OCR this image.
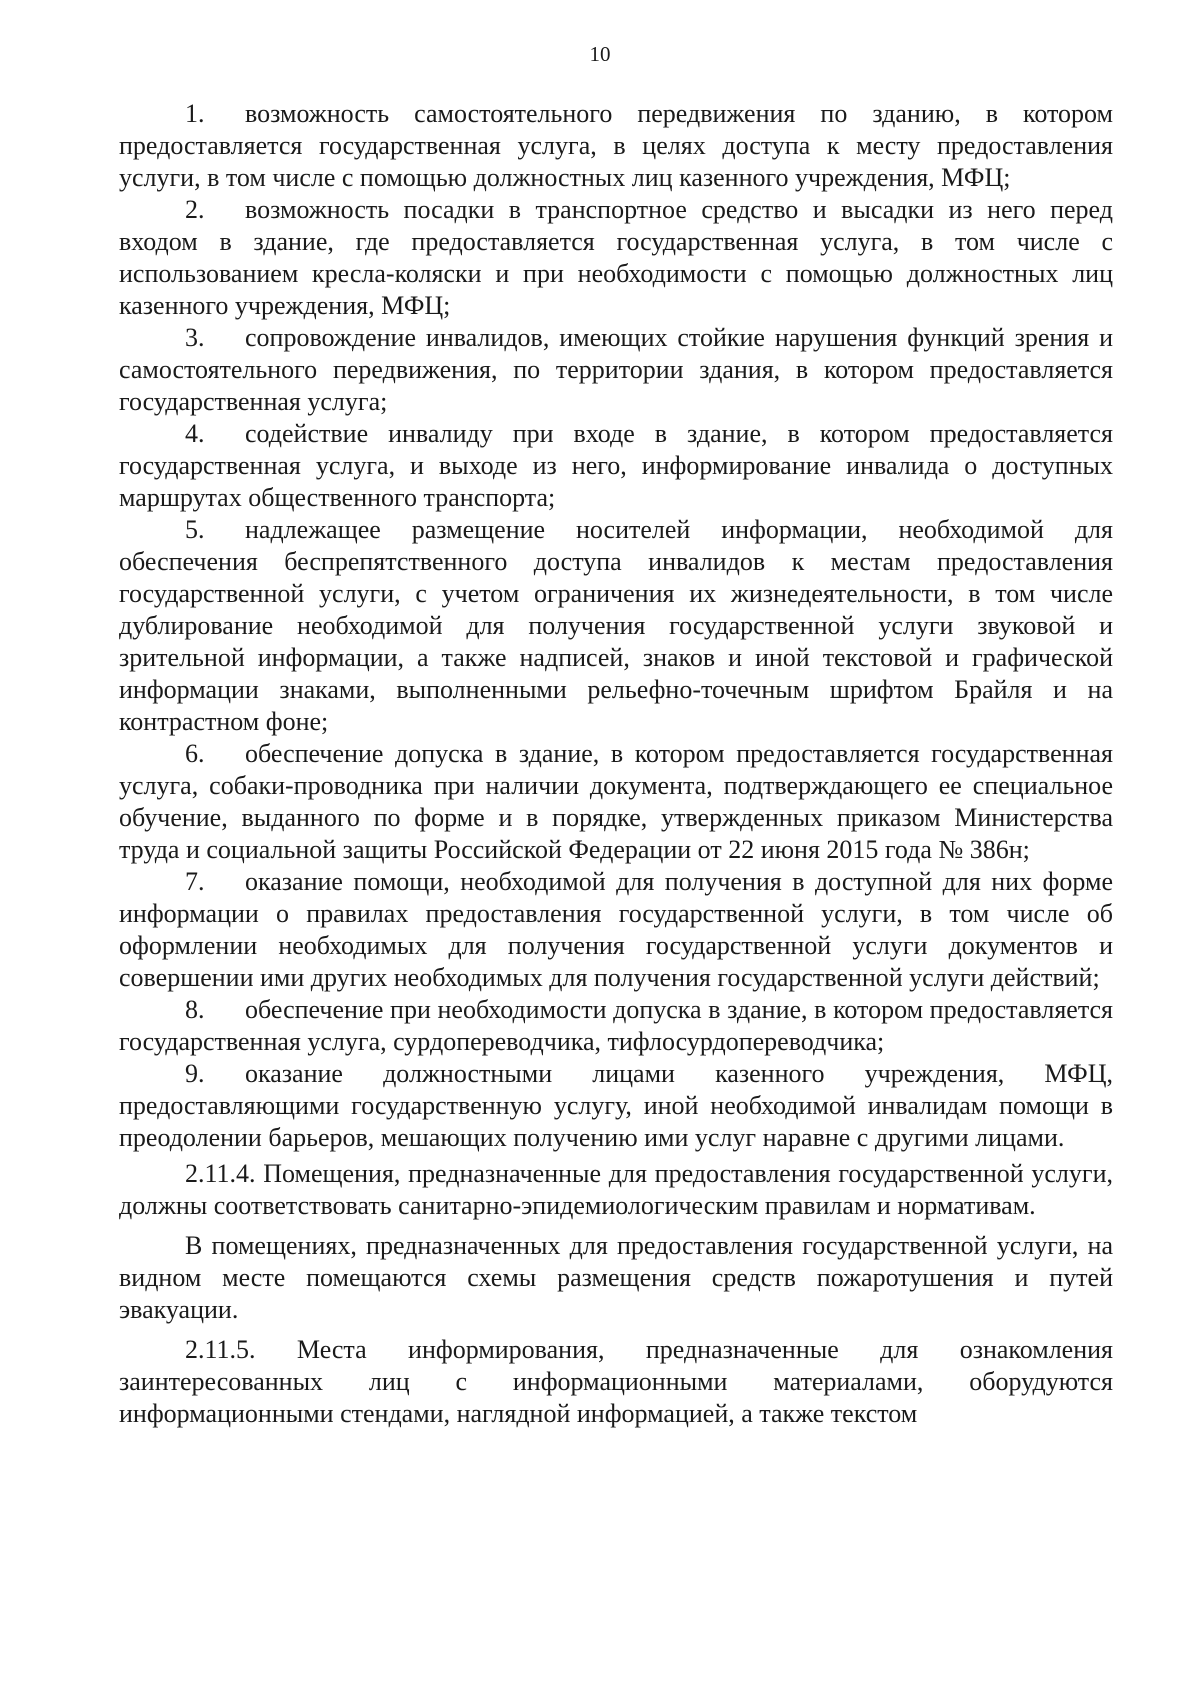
10

1. возможность самостоятельного передвижения по зданию, в котором предоставляется государственная услуга, в целях доступа к месту предоставления услуги, в том числе с помощью должностных лиц казенного учреждения, МФЦ;

2. возможность посадки в транспортное средство и высадки из него перед входом в здание, где предоставляется государственная услуга, в том числе с использованием кресла-коляски и при необходимости с помощью должностных лиц казенного учреждения, МФЦ;

3. сопровождение инвалидов, имеющих стойкие нарушения функций зрения и самостоятельного передвижения, по территории здания, в котором предоставляется государственная услуга;

4. содействие инвалиду при входе в здание, в котором предоставляется государственная услуга, и выходе из него, информирование инвалида о доступных маршрутах общественного транспорта;

5. надлежащее размещение носителей информации, необходимой для обеспечения беспрепятственного доступа инвалидов к местам предоставления государственной услуги, с учетом ограничения их жизнедеятельности, в том числе дублирование необходимой для получения государственной услуги звуковой и зрительной информации, а также надписей, знаков и иной текстовой и графической информации знаками, выполненными рельефно-точечным шрифтом Брайля и на контрастном фоне;

6. обеспечение допуска в здание, в котором предоставляется государственная услуга, собаки-проводника при наличии документа, подтверждающего ее специальное обучение, выданного по форме и в порядке, утвержденных приказом Министерства труда и социальной защиты Российской Федерации от 22 июня 2015 года № 386н;

7. оказание помощи, необходимой для получения в доступной для них форме информации о правилах предоставления государственной услуги, в том числе об оформлении необходимых для получения государственной услуги документов и совершении ими других необходимых для получения государственной услуги действий;

8. обеспечение при необходимости допуска в здание, в котором предоставляется государственная услуга, сурдопереводчика, тифлосурдопереводчика;

9. оказание должностными лицами казенного учреждения, МФЦ, предоставляющими государственную услугу, иной необходимой инвалидам помощи в преодолении барьеров, мешающих получению ими услуг наравне с другими лицами.

2.11.4. Помещения, предназначенные для предоставления государственной услуги, должны соответствовать санитарно-эпидемиологическим правилам и нормативам.

В помещениях, предназначенных для предоставления государственной услуги, на видном месте помещаются схемы размещения средств пожаротушения и путей эвакуации.

2.11.5. Места информирования, предназначенные для ознакомления заинтересованных лиц с информационными материалами, оборудуются информационными стендами, наглядной информацией, а также текстом
